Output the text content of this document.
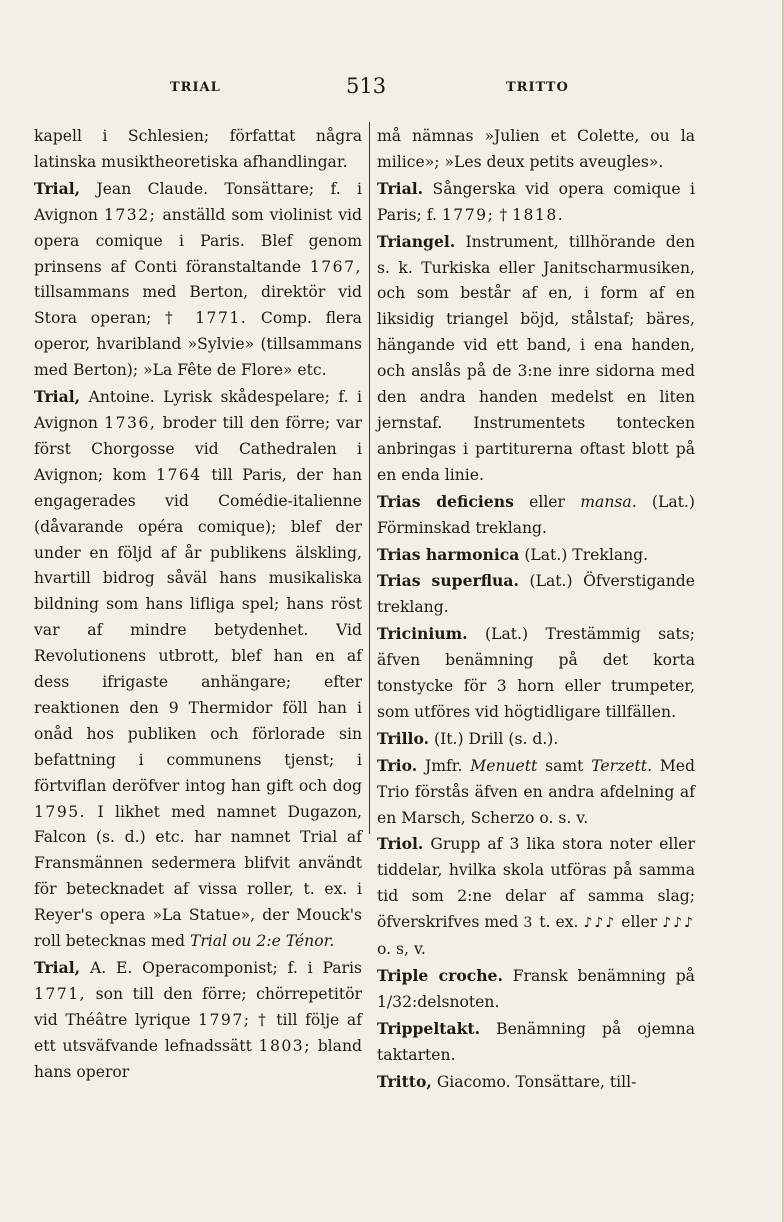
TRIAL	513	TRITTO

kapell i Schlesien; författat några latinska musiktheoretiska afhandlingar.

Trial, Jean Claude. Tonsättare; f. i Avignon 1732; anställd som violinist vid opera comique i Paris. Blef genom prinsens af Conti föranstaltande 1767, tillsammans med Berton, direktör vid Stora operan; † 1771. Comp. flera operor, hvaribland »Sylvie» (tillsammans med Berton); »La Fête de Flore» etc.

Trial, Antoine. Lyrisk skådespelare; f. i Avignon 1736, broder till den förre; var först Chorgosse vid Cathedralen i Avignon; kom 1764 till Paris, der han engagerades vid Comédie-italienne (dåvarande opéra comique); blef der under en följd af år publikens älskling, hvartill bidrog såväl hans musikaliska bildning som hans lifliga spel; hans röst var af mindre betydenhet. Vid Revolutionens utbrott, blef han en af dess ifrigaste anhängare; efter reaktionen den 9 Thermidor föll han i onåd hos publiken och förlorade sin befattning i communens tjenst; i förtviflan deröfver intog han gift och dog 1795. I likhet med namnet Dugazon, Falcon (s. d.) etc. har namnet Trial af Fransmännen sedermera blifvit användt för betecknadet af vissa roller, t. ex. i Reyer's opera »La Statue», der Mouck's roll betecknas med Trial ou 2:e Ténor.

Trial, A. E. Operacomponist; f. i Paris 1771, son till den förre; chörrepetitör vid Théâtre lyrique 1797; † till följe af ett utsväfvande lefnadssätt 1803; bland hans operor

må nämnas »Julien et Colette, ou la milice»; »Les deux petits aveugles».

Trial. Sångerska vid opera comique i Paris; f. 1779; † 1818.

Triangel. Instrument, tillhörande den s. k. Turkiska eller Janitscharmusiken, och som består af en, i form af en liksidig triangel böjd, stålstaf; bäres, hängande vid ett band, i ena handen, och anslås på de 3:ne inre sidorna med den andra handen medelst en liten jernstaf. Instrumentets tontecken anbringas i partiturerna oftast blott på en enda linie.

Trias deficiens eller mansa. (Lat.) Förminskad treklang.

Trias harmonica (Lat.) Treklang.

Trias superflua. (Lat.) Öfverstigande treklang.

Tricinium. (Lat.) Trestämmig sats; äfven benämning på det korta tonstycke för 3 horn eller trumpeter, som utföres vid högtidligare tillfällen.

Trillo. (It.) Drill (s. d.).

Trio. Jmfr. Menuett samt Terzett. Med Trio förstås äfven en andra afdelning af en Marsch, Scherzo o. s. v.

Triol. Grupp af 3 lika stora noter eller tiddelar, hvilka skola utföras på samma tid som 2:ne delar af samma slag; öfverskrifves med 3 t. ex. ♪♪♪ eller ♪♪♪ o. s, v.

Triple croche. Fransk benämning på 1/32:delsnoten.

Trippeltakt. Benämning på ojemna taktarten.

Tritto, Giacomo. Tonsättare, till-
